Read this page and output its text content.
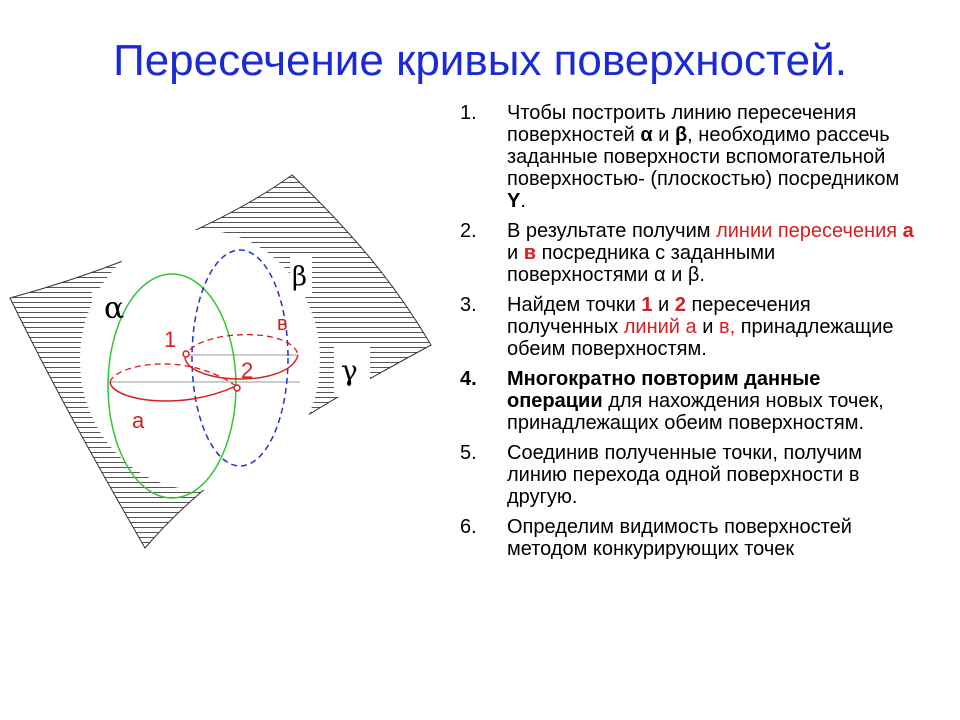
Пересечение кривых поверхностей.
α
β
γ
1
2
а
в
1.	Чтобы построить линию пересечения поверхностей α и β, необходимо рассечь заданные поверхности вспомогательной поверхностью- (плоскостью) посредником Y.
2.	В результате получим линии пересечения а и в посредника с заданными поверхностями α и β.
3.	Найдем точки 1 и 2 пересечения полученных линий а и в, принадлежащие обеим поверхностям.
4.	Многократно повторим данные операции для нахождения новых точек, принадлежащих обеим поверхностям.
5.	Соединив полученные точки, получим линию перехода одной поверхности в другую.
6.	Определим видимость поверхностей методом конкурирующих точек
